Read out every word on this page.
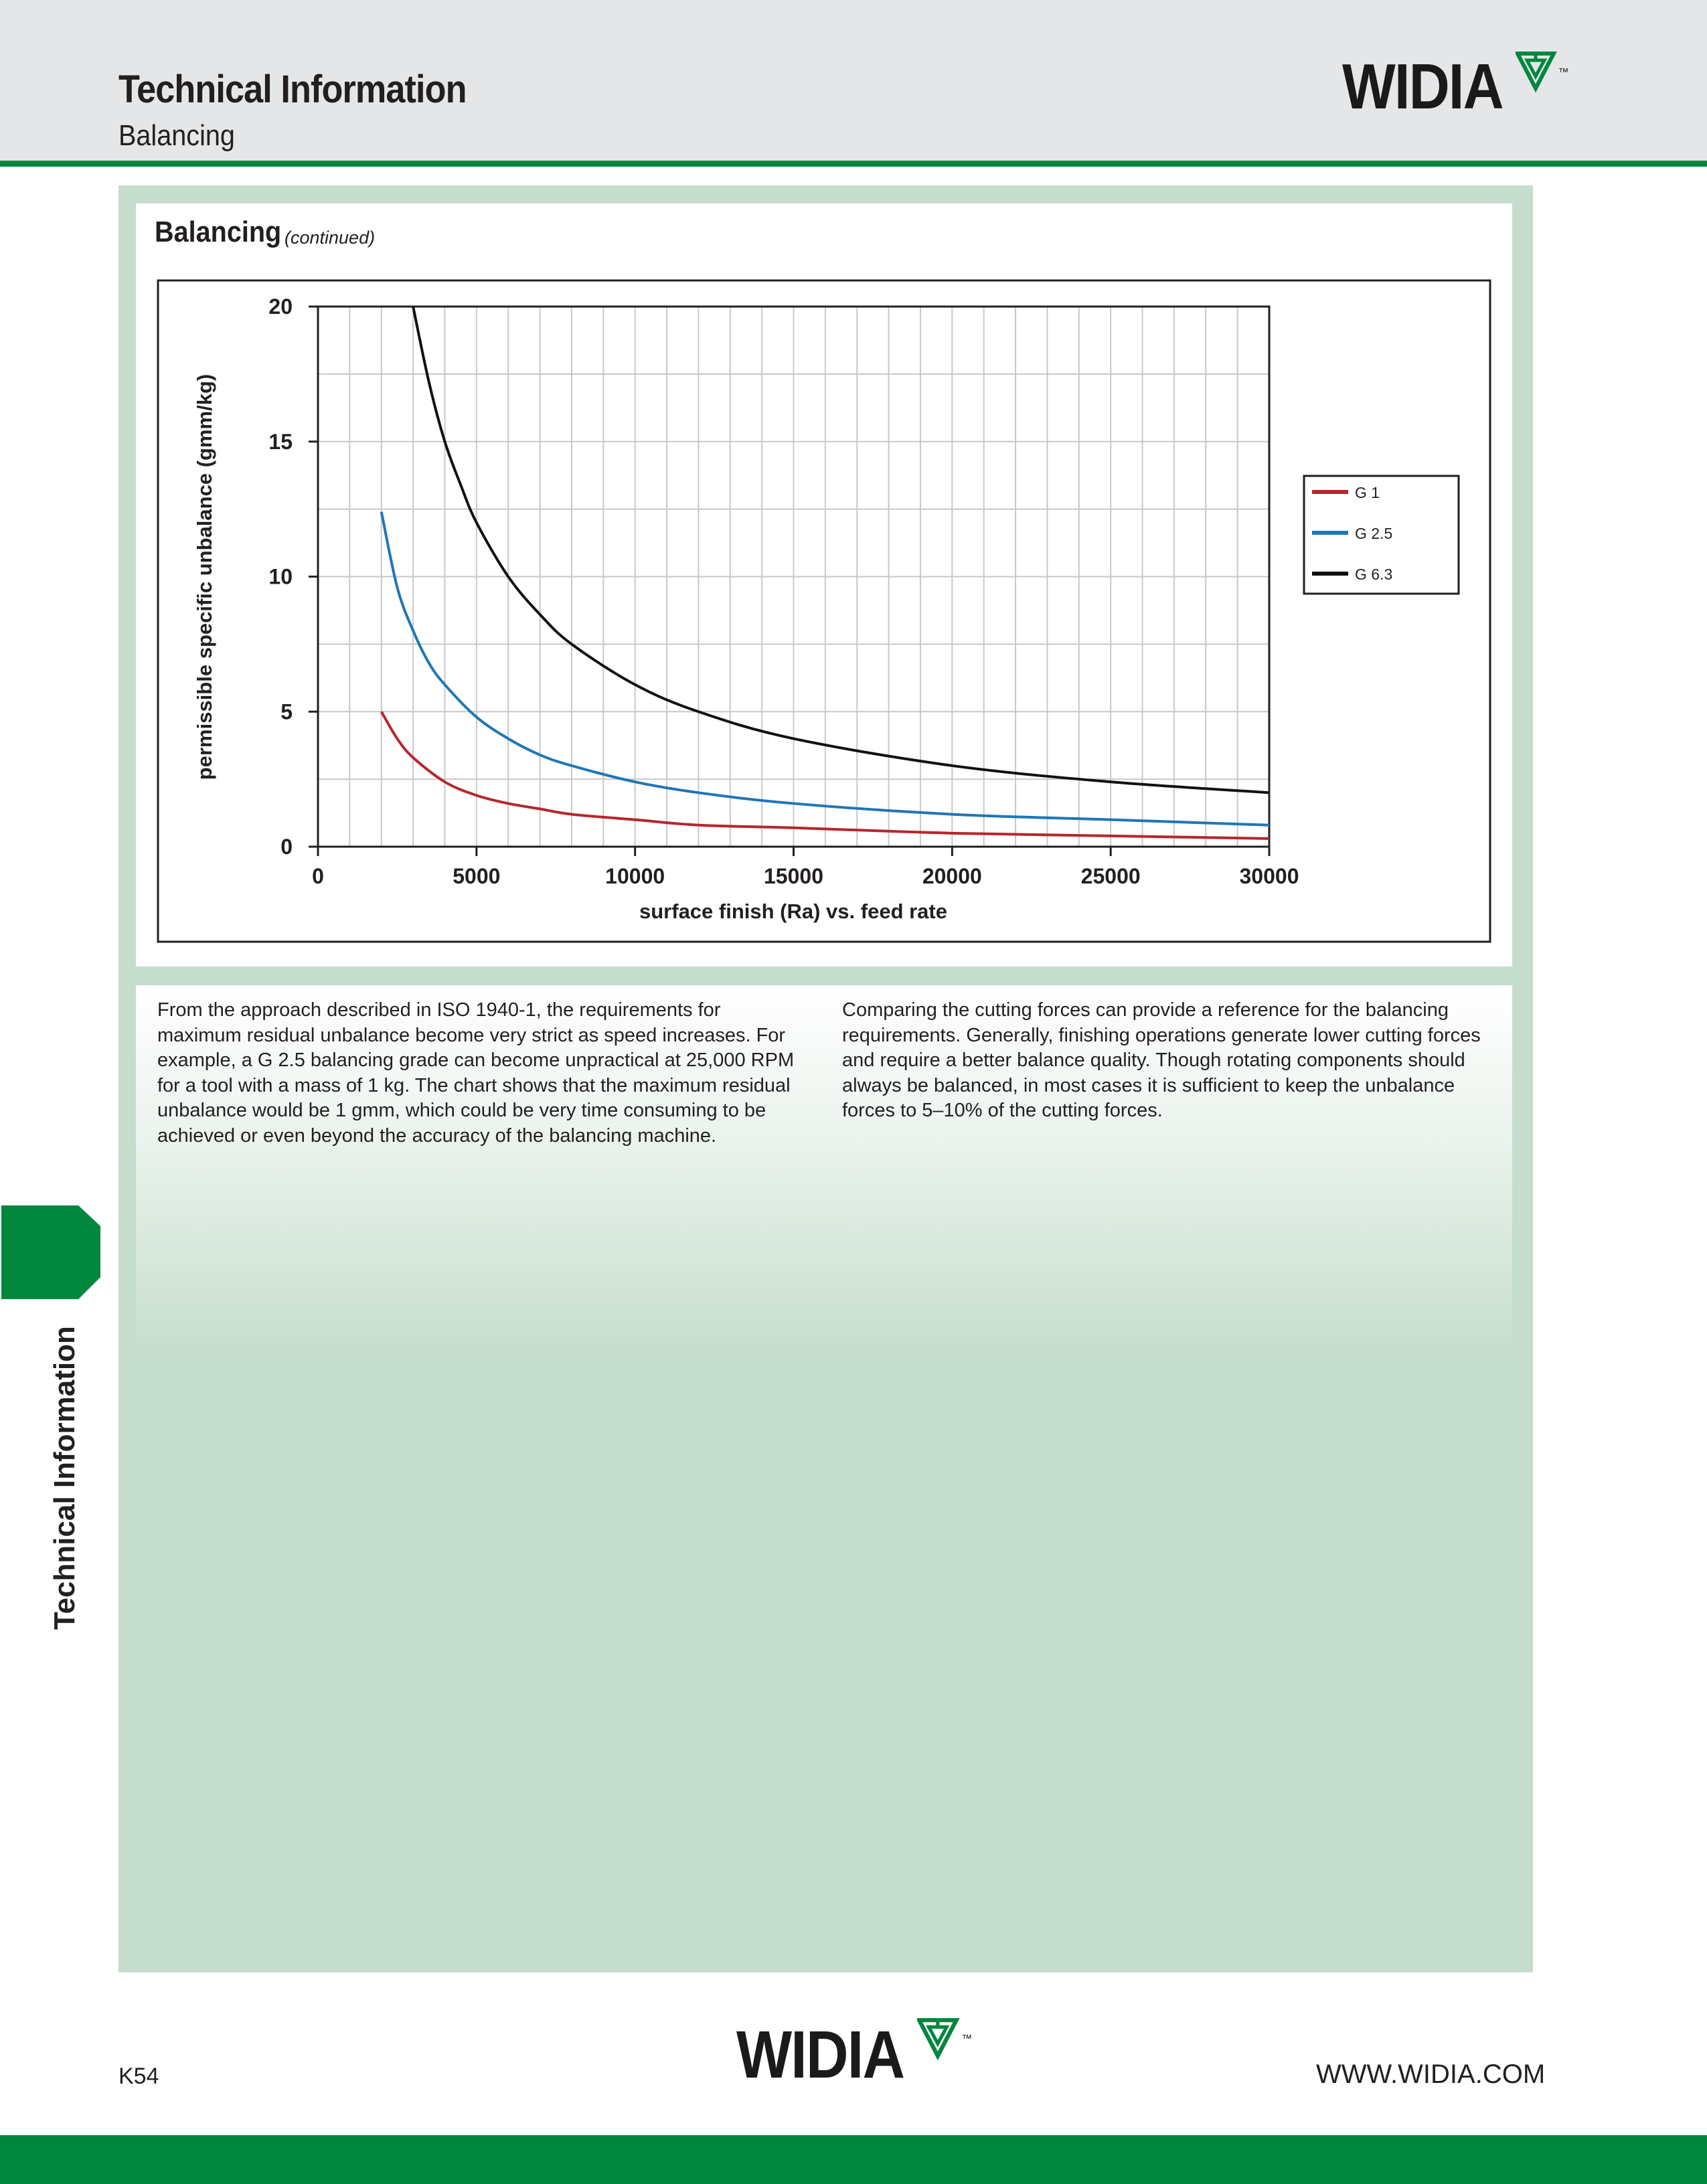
Technical Information
Balancing
WIDIA	™
Balancing (continued)
0	5000	10000	15000	20000	25000	30000
0
5
10
15
20
surface finish (Ra) vs. feed rate
permissible specific unbalance (gmm/kg)	G 1
G 2.5
G 6.3
From the approach described in ISO 1940-1, the requirements for maximum residual unbalance become very strict as speed increases. For example, a G 2.5 balancing grade can become unpractical at 25,000 RPM for a tool with a mass of 1 kg. The chart shows that the maximum residual unbalance would be 1 gmm, which could be very time consuming to be achieved or even beyond the accuracy of the balancing machine.
Comparing the cutting forces can provide a reference for the balancing requirements. Generally, finishing operations generate lower cutting forces and require a better balance quality. Though rotating components should always be balanced, in most cases it is sufficient to keep the unbalance forces to 5–10% of the cutting forces.
Technical Information
K54	WIDIA	™
WWW.WIDIA.COM
